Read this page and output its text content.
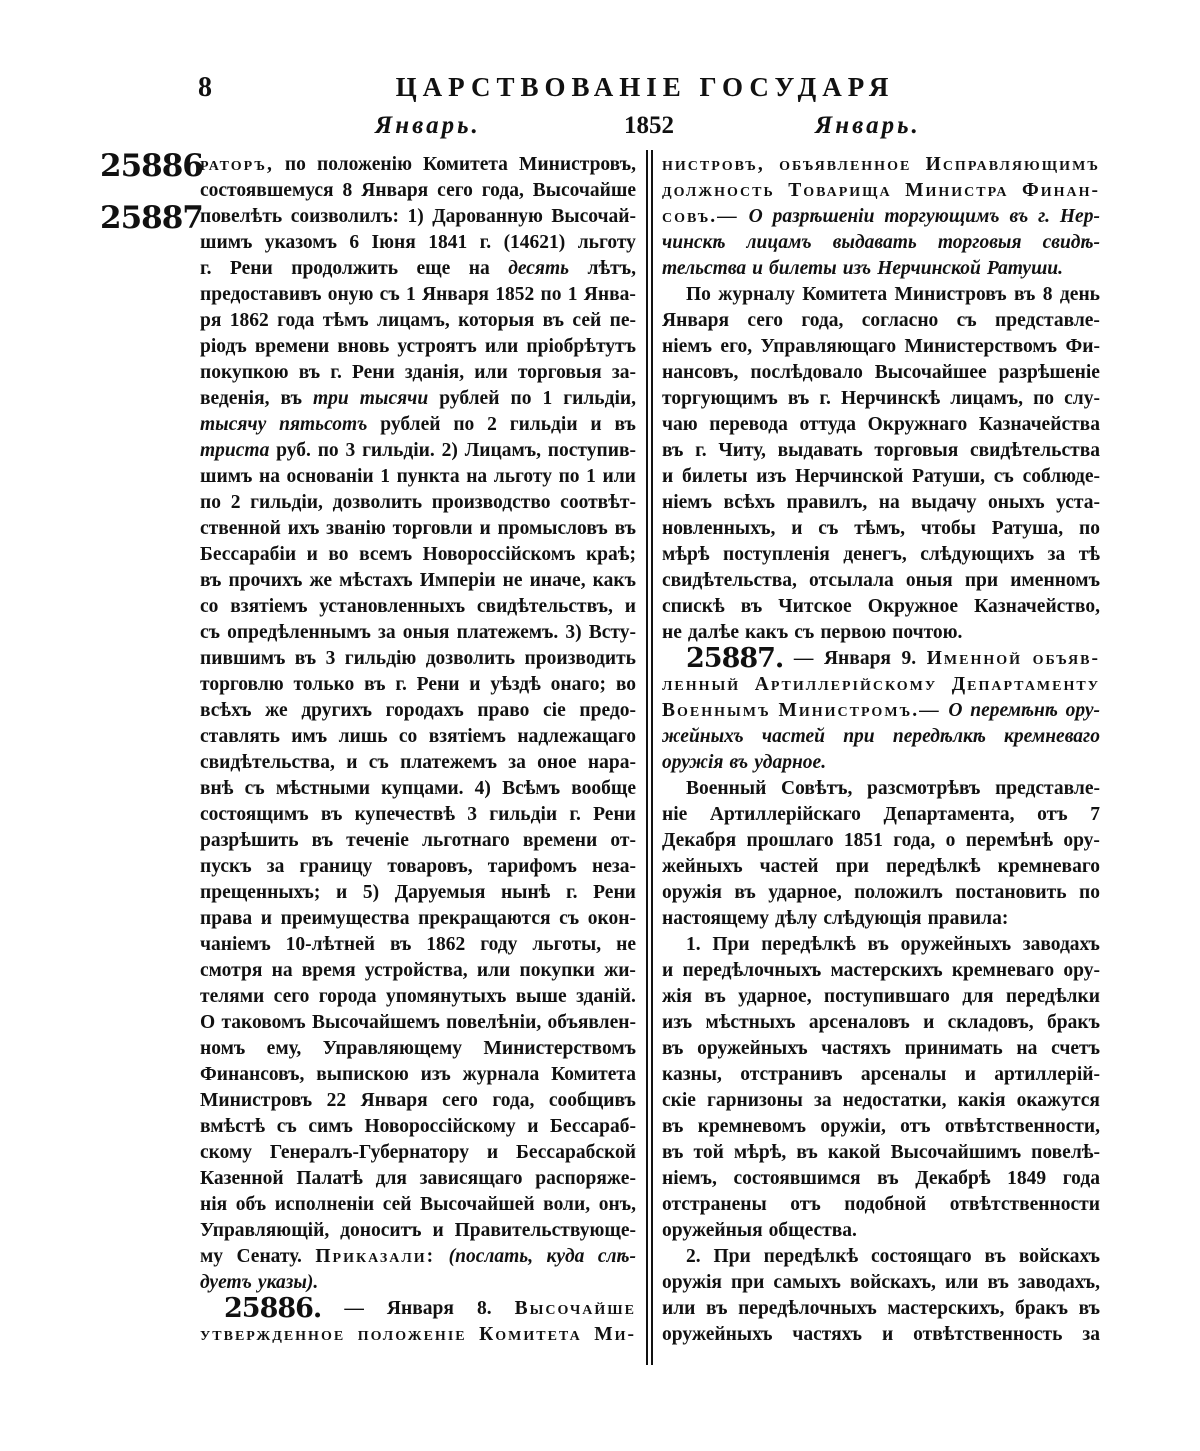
8	ЦАРСТВОВАНІЕ ГОСУДАРЯ
Январь.	1852	Январь.
25886
25887
раторъ, по положенію Комитета Министровъ,
состоявшемуся 8 Января сего года, Высочайше
повелѣть соизволилъ: 1) Дарованную Высочай-
шимъ указомъ 6 Іюня 1841 г. (14621) льготу
г. Рени продолжить еще на десять лѣтъ,
предоставивъ оную съ 1 Января 1852 по 1 Янва-
ря 1862 года тѣмъ лицамъ, которыя въ сей пе-
ріодъ времени вновь устроятъ или пріобрѣтутъ
покупкою въ г. Рени зданія, или торговыя за-
веденія, въ три тысячи рублей по 1 гильдіи,
тысячу пятьсотъ рублей по 2 гильдіи и въ
триста руб. по 3 гильдіи. 2) Лицамъ, поступив-
шимъ на основаніи 1 пункта на льготу по 1 или
по 2 гильдіи, дозволить производство соотвѣт-
ственной ихъ званію торговли и промысловъ въ
Бессарабіи и во всемъ Новороссійскомъ краѣ;
въ прочихъ же мѣстахъ Имперіи не иначе, какъ
со взятіемъ установленныхъ свидѣтельствъ, и
съ опредѣленнымъ за оныя платежемъ. 3) Всту-
пившимъ въ 3 гильдію дозволить производить
торговлю только въ г. Рени и уѣздѣ онаго; во
всѣхъ же другихъ городахъ право сіе предо-
ставлять имъ лишь со взятіемъ надлежащаго
свидѣтельства, и съ платежемъ за оное нара-
внѣ съ мѣстными купцами. 4) Всѣмъ вообще
состоящимъ въ купечествѣ 3 гильдіи г. Рени
разрѣшить въ теченіе льготнаго времени от-
пускъ за границу товаровъ, тарифомъ неза-
прещенныхъ; и 5) Даруемыя нынѣ г. Рени
права и преимущества прекращаются съ окон-
чаніемъ 10-лѣтней въ 1862 году льготы, не
смотря на время устройства, или покупки жи-
телями сего города упомянутыхъ выше зданій.
О таковомъ Высочайшемъ повелѣніи, объявлен-
номъ ему, Управляющему Министерствомъ
Финансовъ, выпискою изъ журнала Комитета
Министровъ 22 Января сего года, сообщивъ
вмѣстѣ съ симъ Новороссійскому и Бессараб-
скому Генералъ-Губернатору и Бессарабской
Казенной Палатѣ для зависящаго распоряже-
нія объ исполненіи сей Высочайшей воли, онъ,
Управляющій, доноситъ и Правительствующе-
му Сенату. Приказали: (послать, куда слѣ-
дуетъ указы).
25886. — Января 8. Высочайше
утвержденное положеніе Комитета Ми-
нистровъ, объявленное Исправляющимъ
должность Товарища Министра Финан-
совъ.— О разрѣшеніи торгующимъ въ г. Нер-
чинскѣ лицамъ выдавать торговыя свидѣ-
тельства и билеты изъ Нерчинской Ратуши.
По журналу Комитета Министровъ въ 8 день
Января сего года, согласно съ представле-
ніемъ его, Управляющаго Министерствомъ Фи-
нансовъ, послѣдовало Высочайшее разрѣшеніе
торгующимъ въ г. Нерчинскѣ лицамъ, по слу-
чаю перевода оттуда Окружнаго Казначейства
въ г. Читу, выдавать торговыя свидѣтельства
и билеты изъ Нерчинской Ратуши, съ соблюде-
ніемъ всѣхъ правилъ, на выдачу оныхъ уста-
новленныхъ, и съ тѣмъ, чтобы Ратуша, по
мѣрѣ поступленія денегъ, слѣдующихъ за тѣ
свидѣтельства, отсылала оныя при именномъ
спискѣ въ Читское Окружное Казначейство,
не далѣе какъ съ первою почтою.
25887. — Января 9. Именной объяв-
ленный Артиллерійскому Департаменту
Военнымъ Министромъ.— О перемѣнѣ ору-
жейныхъ частей при передѣлкѣ кремневаго
оружія въ ударное.
Военный Совѣтъ, разсмотрѣвъ представле-
ніе Артиллерійскаго Департамента, отъ 7
Декабря прошлаго 1851 года, о перемѣнѣ ору-
жейныхъ частей при передѣлкѣ кремневаго
оружія въ ударное, положилъ постановить по
настоящему дѣлу слѣдующія правила:
1. При передѣлкѣ въ оружейныхъ заводахъ
и передѣлочныхъ мастерскихъ кремневаго ору-
жія въ ударное, поступившаго для передѣлки
изъ мѣстныхъ арсеналовъ и складовъ, бракъ
въ оружейныхъ частяхъ принимать на счетъ
казны, отстранивъ арсеналы и артиллерій-
скіе гарнизоны за недостатки, какія окажутся
въ кремневомъ оружіи, отъ отвѣтственности,
въ той мѣрѣ, въ какой Высочайшимъ повелѣ-
ніемъ, состоявшимся въ Декабрѣ 1849 года
отстранены отъ подобной отвѣтственности
оружейныя общества.
2. При передѣлкѣ состоящаго въ войскахъ
оружія при самыхъ войскахъ, или въ заводахъ,
или въ передѣлочныхъ мастерскихъ, бракъ въ
оружейныхъ частяхъ и отвѣтственность за
